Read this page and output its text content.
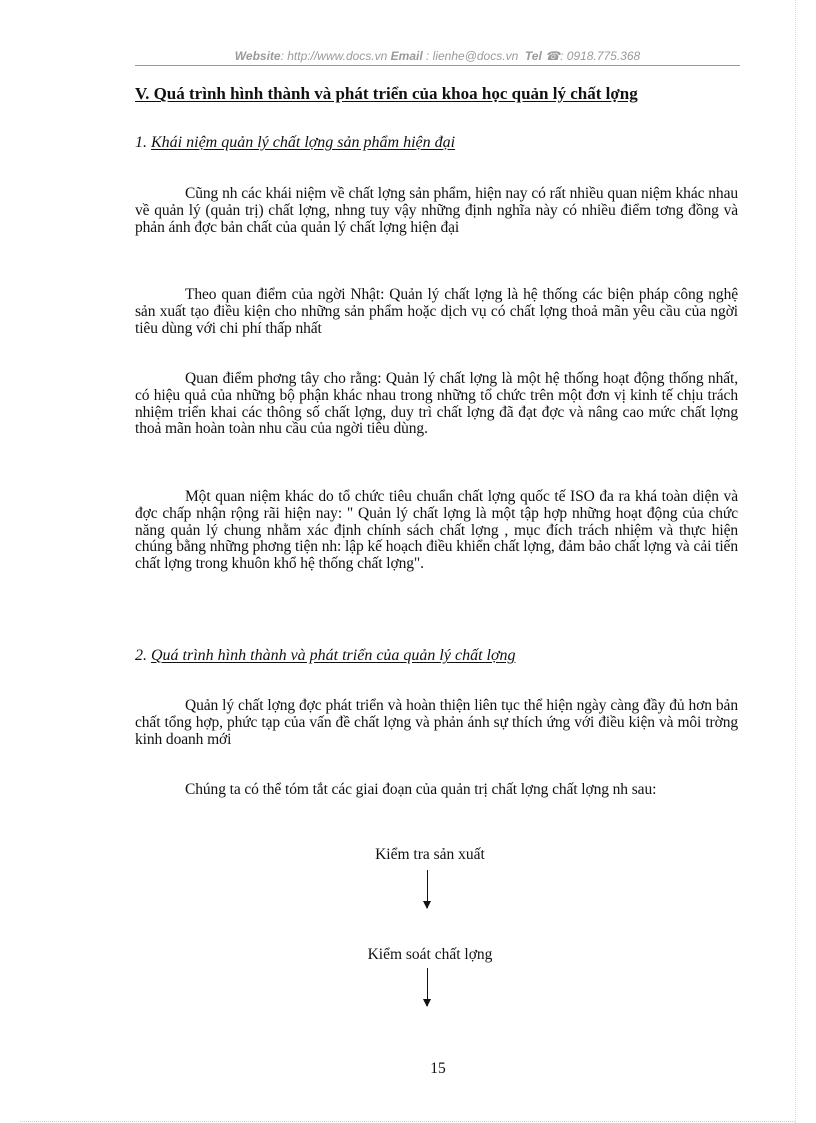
Website: http://www.docs.vn Email : lienhe@docs.vn Tel ☎: 0918.775.368
V. Quá trình hình thành và phát triển của khoa học quản lý chất lợng
1. Khái niệm quản lý chất lợng sản phẩm hiện đại

Cũng nh các khái niệm về chất lợng sản phẩm, hiện nay có rất nhiều quan niệm khác nhau về quản lý (quản trị) chất lợng, nhng tuy vậy những định nghĩa này có nhiều điểm tơng đồng và phản ánh đợc bản chất của quản lý chất lợng hiện đại

Theo quan điểm của ngời Nhật: Quản lý chất lợng là hệ thống các biện pháp công nghệ sản xuất tạo điều kiện cho những sản phẩm hoặc dịch vụ có chất lợng thoả mãn yêu cầu của ngời tiêu dùng với chi phí thấp nhất

Quan điểm phơng tây cho rằng: Quản lý chất lợng là một hệ thống hoạt động thống nhất, có hiệu quả của những bộ phận khác nhau trong những tổ chức trên một đơn vị kinh tế chịu trách nhiệm triển khai các thông số chất lợng, duy trì chất lợng đã đạt đợc và nâng cao mức chất lợng thoả mãn hoàn toàn nhu cầu của ngời tiêu dùng.

Một quan niệm khác do tổ chức tiêu chuẩn chất lợng quốc tế ISO đa ra khá toàn diện và đợc chấp nhận rộng rãi hiện nay: " Quản lý chất lợng là một tập hợp những hoạt động của chức năng quản lý chung nhằm xác định chính sách chất lợng , mục đích trách nhiệm và thực hiện chúng bằng những phơng tiện nh: lập kế hoạch điều khiển chất lợng, đảm bảo chất lợng và cải tiến chất lợng trong khuôn khổ hệ thống chất lợng".

2. Quá trình hình thành và phát triển của quản lý chất lợng

Quản lý chất lợng đợc phát triển và hoàn thiện liên tục thể hiện ngày càng đầy đủ hơn bản chất tổng hợp, phức tạp của vấn đề chất lợng và phản ánh sự thích ứng với điều kiện và môi trờng kinh doanh mới

Chúng ta có thể tóm tắt các giai đoạn của quản trị chất lợng chất lợng nh sau:

Kiểm tra sản xuất

Kiểm soát chất lợng

15
